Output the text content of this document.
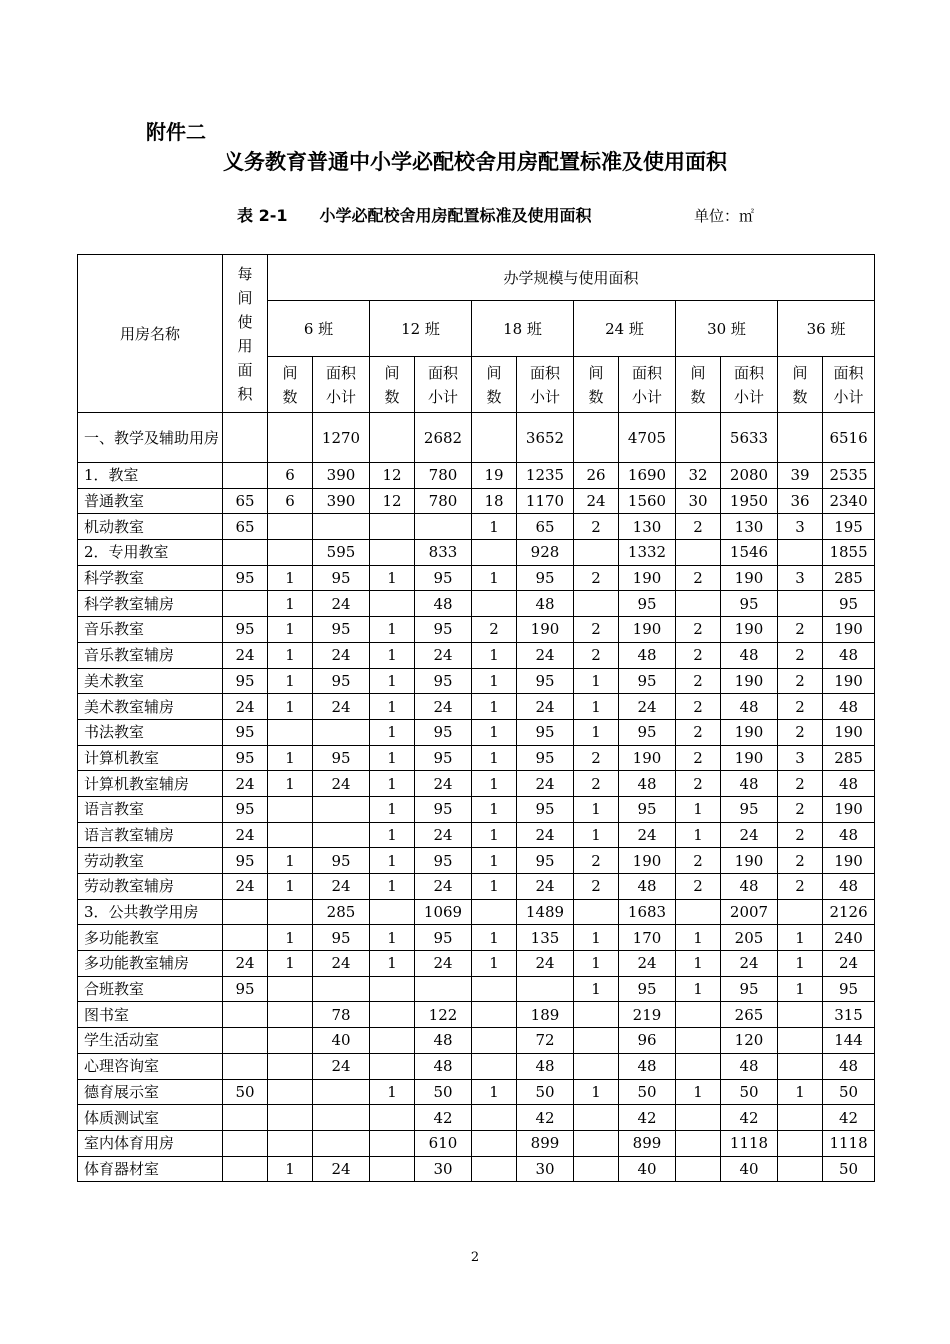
附件二
义务教育普通中小学必配校舍用房配置标准及使用面积
表 2-1 小学必配校舍用房配置标准及使用面积	单位：㎡
用房名称	每间使用面积	办学规模与使用面积											
		6 班		12 班		18 班		24 班		30 班		36 班	
		间数	面积小计	间数	面积小计	间数	面积小计	间数	面积小计	间数	面积小计	间数	面积小计
一、教学及辅助用房			1270		2682		3652		4705		5633		6516
1．教室		6	390	12	780	19	1235	26	1690	32	2080	39	2535
普通教室	65	6	390	12	780	18	1170	24	1560	30	1950	36	2340
机动教室	65					1	65	2	130	2	130	3	195
2．专用教室			595		833		928		1332		1546		1855
科学教室	95	1	95	1	95	1	95	2	190	2	190	3	285
科学教室辅房		1	24		48		48		95		95		95
音乐教室	95	1	95	1	95	2	190	2	190	2	190	2	190
音乐教室辅房	24	1	24	1	24	1	24	2	48	2	48	2	48
美术教室	95	1	95	1	95	1	95	1	95	2	190	2	190
美术教室辅房	24	1	24	1	24	1	24	1	24	2	48	2	48
书法教室	95			1	95	1	95	1	95	2	190	2	190
计算机教室	95	1	95	1	95	1	95	2	190	2	190	3	285
计算机教室辅房	24	1	24	1	24	1	24	2	48	2	48	2	48
语言教室	95			1	95	1	95	1	95	1	95	2	190
语言教室辅房	24			1	24	1	24	1	24	1	24	2	48
劳动教室	95	1	95	1	95	1	95	2	190	2	190	2	190
劳动教室辅房	24	1	24	1	24	1	24	2	48	2	48	2	48
3．公共教学用房			285		1069		1489		1683		2007		2126
多功能教室		1	95	1	95	1	135	1	170	1	205	1	240
多功能教室辅房	24	1	24	1	24	1	24	1	24	1	24	1	24
合班教室	95							1	95	1	95	1	95
图书室			78		122		189		219		265		315
学生活动室			40		48		72		96		120		144
心理咨询室			24		48		48		48		48		48
德育展示室	50			1	50	1	50	1	50	1	50	1	50
体质测试室					42		42		42		42		42
室内体育用房					610		899		899		1118		1118
体育器材室		1	24		30		30		40		40		50
2
